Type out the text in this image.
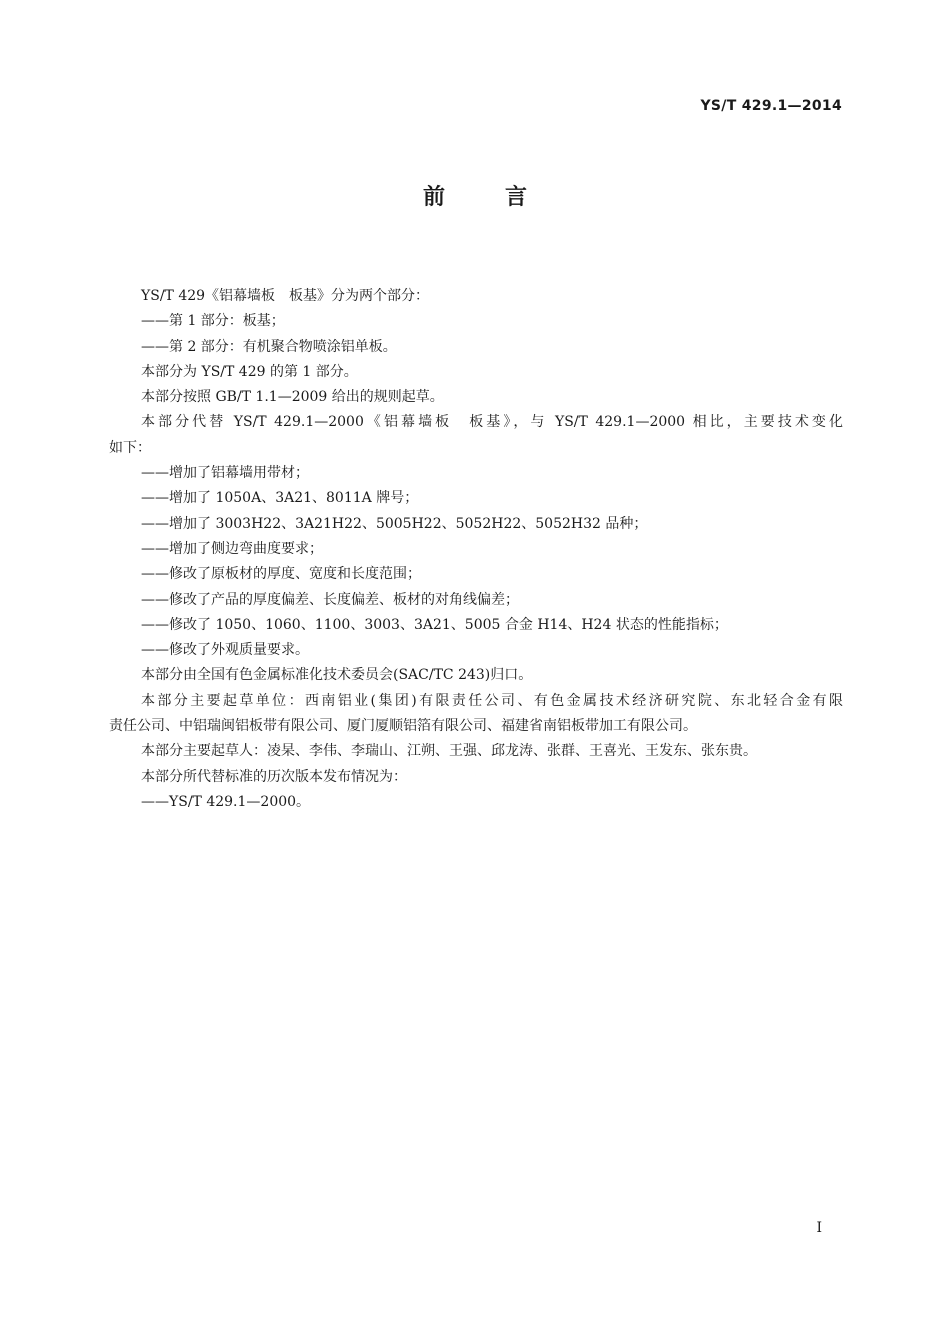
YS/T 429.1—2014
前言
YS/T 429《铝幕墙板　板基》分为两个部分：
——第 1 部分：板基；
——第 2 部分：有机聚合物喷涂铝单板。
本部分为 YS/T 429 的第 1 部分。
本部分按照 GB/T 1.1—2009 给出的规则起草。
本部分代替 YS/T 429.1—2000《铝幕墙板　板基》，与 YS/T 429.1—2000 相比，主要技术变化
如下：
——增加了铝幕墙用带材；
——增加了 1050A、3A21、8011A 牌号；
——增加了 3003H22、3A21H22、5005H22、5052H22、5052H32 品种；
——增加了侧边弯曲度要求；
——修改了原板材的厚度、宽度和长度范围；
——修改了产品的厚度偏差、长度偏差、板材的对角线偏差；
——修改了 1050、1060、1100、3003、3A21、5005 合金 H14、H24 状态的性能指标；
——修改了外观质量要求。
本部分由全国有色金属标准化技术委员会(SAC/TC 243)归口。
本部分主要起草单位：西南铝业(集团)有限责任公司、有色金属技术经济研究院、东北轻合金有限
责任公司、中铝瑞闽铝板带有限公司、厦门厦顺铝箔有限公司、福建省南铝板带加工有限公司。
本部分主要起草人：凌杲、李伟、李瑞山、江朔、王强、邱龙涛、张群、王喜光、王发东、张东贵。
本部分所代替标准的历次版本发布情况为：
——YS/T 429.1—2000。
I
